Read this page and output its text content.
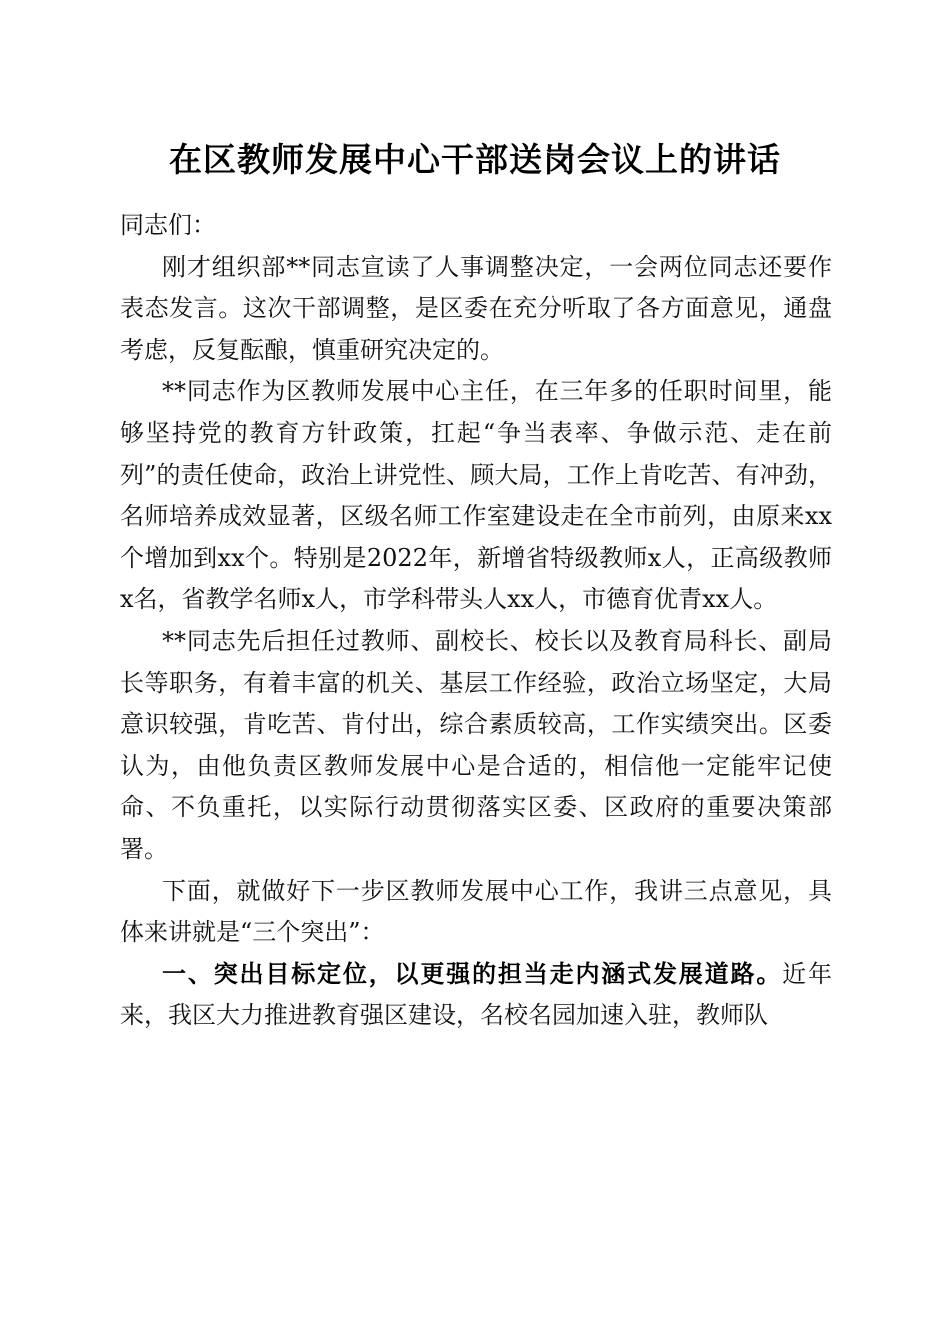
在区教师发展中心干部送岗会议上的讲话

同志们：

刚才组织部**同志宣读了人事调整决定，一会两位同志还要作表态发言。这次干部调整，是区委在充分听取了各方面意见，通盘考虑，反复酝酿，慎重研究决定的。

**同志作为区教师发展中心主任，在三年多的任职时间里，能够坚持党的教育方针政策，扛起“争当表率、争做示范、走在前列”的责任使命，政治上讲党性、顾大局，工作上肯吃苦、有冲劲，名师培养成效显著，区级名师工作室建设走在全市前列，由原来xx个增加到xx个。特别是2022年，新增省特级教师x人，正高级教师x名，省教学名师x人，市学科带头人xx人，市德育优青xx人。

**同志先后担任过教师、副校长、校长以及教育局科长、副局长等职务，有着丰富的机关、基层工作经验，政治立场坚定，大局意识较强，肯吃苦、肯付出，综合素质较高，工作实绩突出。区委认为，由他负责区教师发展中心是合适的，相信他一定能牢记使命、不负重托，以实际行动贯彻落实区委、区政府的重要决策部署。

下面，就做好下一步区教师发展中心工作，我讲三点意见，具体来讲就是“三个突出”：

一、突出目标定位，以更强的担当走内涵式发展道路。近年来，我区大力推进教育强区建设，名校名园加速入驻，教师队
